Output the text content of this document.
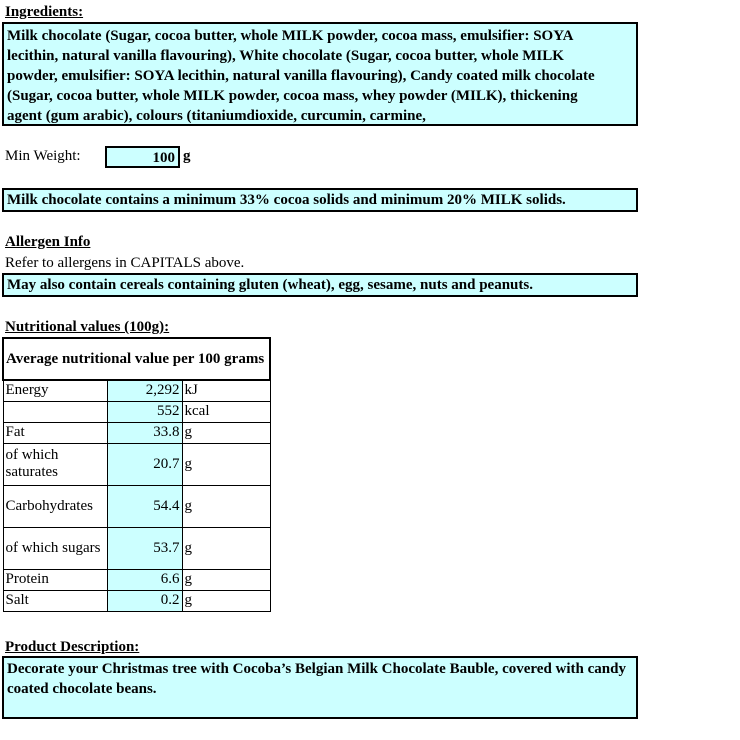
Ingredients:
Milk chocolate (Sugar, cocoa butter, whole MILK powder, cocoa mass, emulsifier: SOYA
lecithin, natural vanilla flavouring), White chocolate (Sugar, cocoa butter, whole MILK
powder, emulsifier: SOYA lecithin, natural vanilla flavouring), Candy coated milk chocolate
(Sugar, cocoa butter, whole MILK powder, cocoa mass, whey powder (MILK), thickening
agent (gum arabic), colours (titaniumdioxide, curcumin, carmine,
Min Weight:	100 g
Milk chocolate contains a minimum 33% cocoa solids and minimum 20% MILK solids.
Allergen Info
Refer to allergens in CAPITALS above.
May also contain cereals containing gluten (wheat), egg, sesame, nuts and peanuts.
Nutritional values (100g):
Average nutritional value per 100 grams		
Energy	2,292	kJ
	552	kcal
Fat	33.8	g
of which saturates	20.7	g
Carbohydrates	54.4	g
of which sugars	53.7	g
Protein	6.6	g
Salt	0.2	g
Product Description:
Decorate your Christmas tree with Cocoba’s Belgian Milk Chocolate Bauble, covered with candy coated chocolate beans.
